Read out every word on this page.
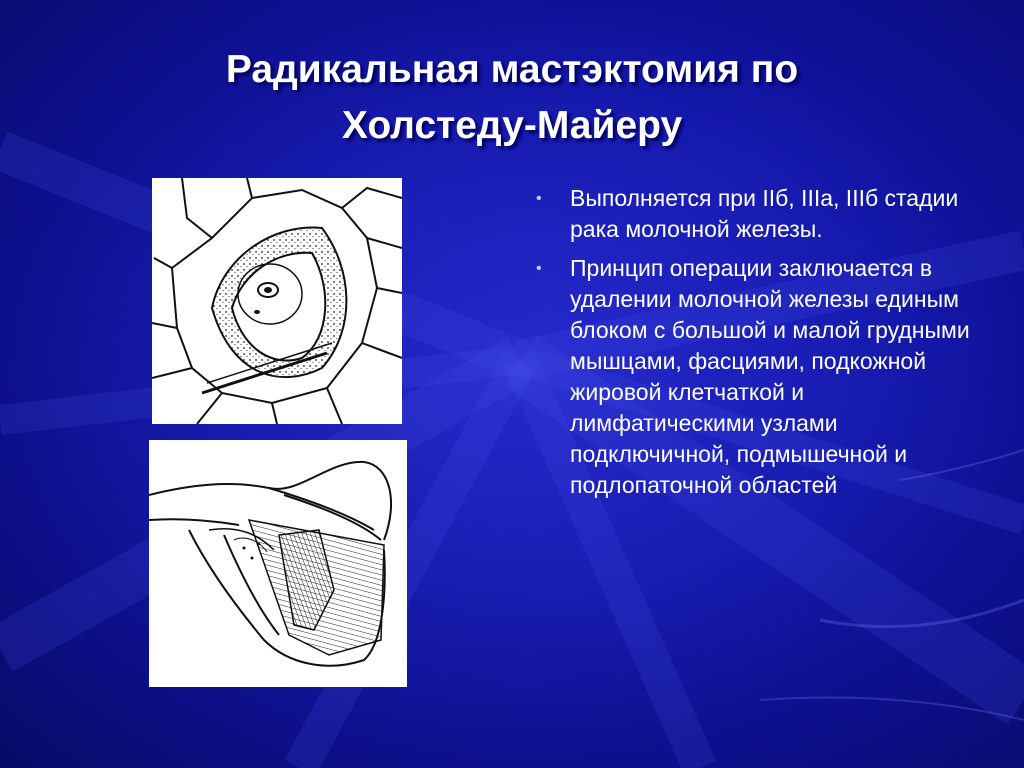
Радикальная мастэктомия по
Холстеду-Майеру
• Выполняется при IIб, IIIа, IIIб стадии рака молочной железы.
• Принцип операции заключается в удалении молочной железы единым блоком с большой и малой грудными мышцами, фасциями, подкожной жировой клетчаткой и лимфатическими узлами подключичной, подмышечной и подлопаточной областей
